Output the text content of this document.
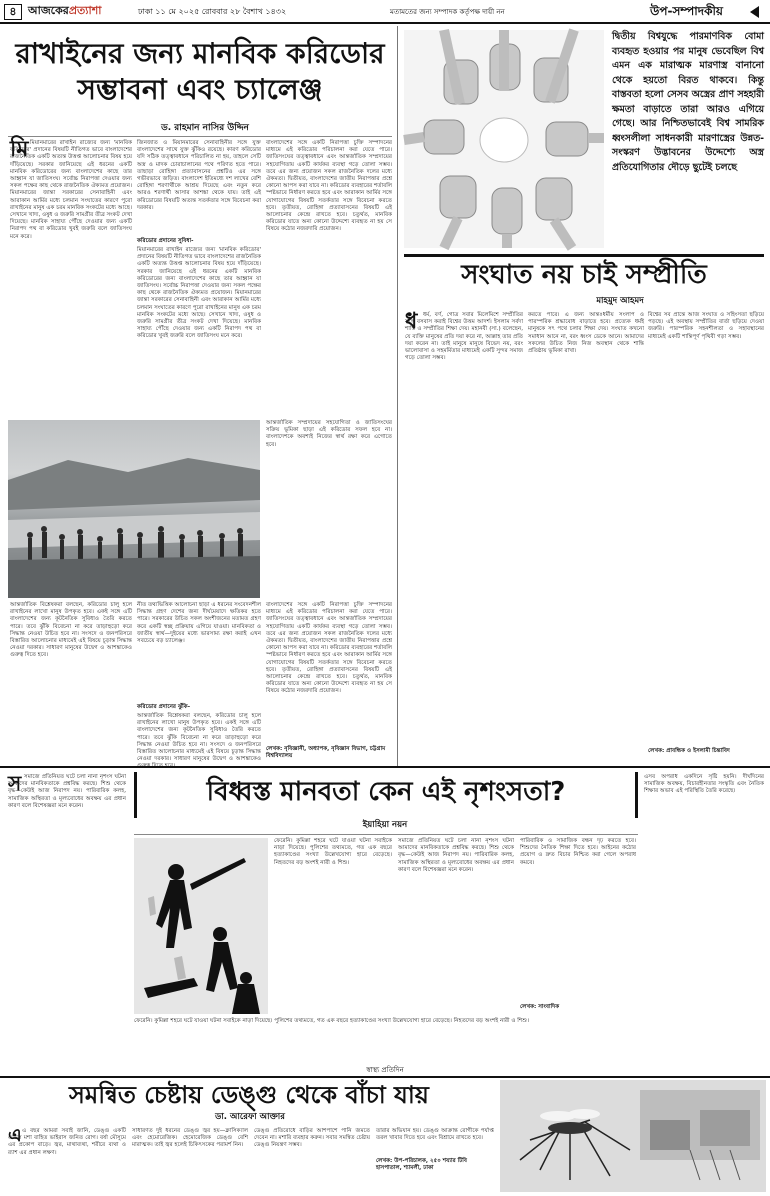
৪	আজকেরপ্রত্যাশা	ঢাকা ১১ মে ২০২৫ রোববার ২৮ বৈশাখ ১৪৩২	মতামতের জন্য সম্পাদক কর্তৃপক্ষ দায়ী নন	উপ-সম্পাদকীয়
রাখাইনের জন্য মানবিক করিডোর
সম্ভাবনা এবং চ্যালেঞ্জ
ড. রাহমান নাসির উদ্দিন
মি মিয়ানমারের রাখাইন রাজ্যের জন্য 'মানবিক করিডোর' প্রদানের বিষয়টি নীতিগত ভাবে বাংলাদেশের রাজনৈতিক একটি অত্যন্ত উত্তপ্ত আলোচনার বিষয় হয়ে দাঁড়িয়েছে। সরকার জানিয়েছে এই ধরনের একটি মানবিক করিডোরের জন্য বাংলাদেশের কাছে তার আহ্বান যা জাতিসংঘ। সর্বোচ্চ নিরাপত্তা দেওয়ার জন্য সকল পক্ষের কাছ থেকে রাজনৈতিক ঐক্যমত প্রয়োজন। মিয়ানমারের জান্তা সরকারের সেনাবাহিনী এবং আরাকান আর্মির মধ্যে চলমান সংঘাতের কারণে পুরো রাখাইনের মানুষ এক চরম মানবিক সংকটের মধ্যে আছে। সেখানে খাদ্য, ওষুধ ও জরুরি সামগ্রীর তীব্র সংকট দেখা দিয়েছে। মানবিক সাহায্য পৌঁছে দেওয়ার জন্য একটি নিরাপদ পথ বা করিডোর খুবই জরুরি বলে জাতিসংঘ মনে করে।
জিনজাত ও মিয়ানমারের সেনাবাহিনীর সঙ্গে যুক্ত বাংলাদেশের সাথে যুক্ত ঝুঁকিও রয়েছে। কারণ করিডোর যদি সঠিক তত্ত্বাবধানে পরিচালিত না হয়, তাহলে সেটি অস্ত্র ও মাদক চোরাচালানের পথে পরিণত হতে পারে। তাছাড়া রোহিঙ্গা প্রত্যাবাসনের প্রশ্নটিও এর সঙ্গে গভীরভাবে জড়িত। বাংলাদেশ ইতিমধ্যে দশ লাখের বেশি রোহিঙ্গা শরণার্থীকে আশ্রয় দিয়েছে এবং নতুন করে আরও শরণার্থী আসার আশঙ্কা থেকে যায়। তাই এই করিডোরের বিষয়টি অত্যন্ত সতর্কতার সঙ্গে বিবেচনা করা দরকার।
করিডোর প্রদানের সুবিধা-
মিয়ানমারের রাখাইন রাজ্যের জন্য 'মানবিক করিডোর' প্রদানের বিষয়টি নীতিগত ভাবে বাংলাদেশের রাজনৈতিক একটি অত্যন্ত উত্তপ্ত আলোচনার বিষয় হয়ে দাঁড়িয়েছে। সরকার জানিয়েছে এই ধরনের একটি মানবিক করিডোরের জন্য বাংলাদেশের কাছে তার আহ্বান যা জাতিসংঘ। সর্বোচ্চ নিরাপত্তা দেওয়ার জন্য সকল পক্ষের কাছ থেকে রাজনৈতিক ঐক্যমত প্রয়োজন। মিয়ানমারের জান্তা সরকারের সেনাবাহিনী এবং আরাকান আর্মির মধ্যে চলমান সংঘাতের কারণে পুরো রাখাইনের মানুষ এক চরম মানবিক সংকটের মধ্যে আছে। সেখানে খাদ্য, ওষুধ ও জরুরি সামগ্রীর তীব্র সংকট দেখা দিয়েছে। মানবিক সাহায্য পৌঁছে দেওয়ার জন্য একটি নিরাপদ পথ বা করিডোর খুবই জরুরি বলে জাতিসংঘ মনে করে।
বাংলাদেশের সঙ্গে একটি নিরাপত্তা চুক্তি সম্পাদনের মাধ্যমে এই করিডোর পরিচালনা করা যেতে পারে। জাতিসংঘের তত্ত্বাবধানে এবং আন্তর্জাতিক সম্প্রদায়ের সহযোগিতায় একটি কার্যকর ব্যবস্থা গড়ে তোলা সম্ভব। তবে এর জন্য প্রয়োজন সকল রাজনৈতিক দলের মধ্যে ঐকমত্য। দ্বিতীয়ত, বাংলাদেশের জাতীয় নিরাপত্তার প্রশ্নে কোনো আপস করা যাবে না। করিডোর ব্যবহারের শর্তাবলি স্পষ্টভাবে নির্ধারণ করতে হবে এবং আরাকান আর্মির সঙ্গে যোগাযোগের বিষয়টি সতর্কতার সঙ্গে বিবেচনা করতে হবে। তৃতীয়ত, রোহিঙ্গা প্রত্যাবাসনের বিষয়টি এই আলোচনার কেন্দ্রে রাখতে হবে। চতুর্থত, মানবিক করিডোর যাতে অন্য কোনো উদ্দেশ্যে ব্যবহৃত না হয় সে বিষয়ে কঠোর নজরদারি প্রয়োজন।
আন্তর্জাতিক সম্প্রদায়ের সহযোগিতা ও জাতিসংঘের সক্রিয় ভূমিকা ছাড়া এই করিডোর সফল হবে না। বাংলাদেশকে অবশ্যই নিজের স্বার্থ রক্ষা করে এগোতে হবে।
আন্তর্জাতিক বিশ্লেষকরা বলছেন, করিডোর চালু হলে রাখাইনের লাখো মানুষ উপকৃত হবে। একই সঙ্গে এটি বাংলাদেশের জন্য কূটনৈতিক সুবিধাও তৈরি করতে পারে। তবে ঝুঁকি বিবেচনা না করে তাড়াহুড়ো করে সিদ্ধান্ত নেওয়া উচিত হবে না। সংসদে ও জনপরিসরে বিস্তারিত আলোচনার মাধ্যমেই এই বিষয়ে চূড়ান্ত সিদ্ধান্ত নেওয়া দরকার। সাধারণ মানুষের উদ্বেগ ও আশঙ্কাকেও গুরুত্ব দিতে হবে।
নীত তথ্যভিত্তিক আলোচনা ছাড়া এ ধরনের সংবেদনশীল সিদ্ধান্ত গ্রহণ দেশের জন্য দীর্ঘমেয়াদে ক্ষতিকর হতে পারে। সরকারের উচিত সকল অংশীজনের মতামত গ্রহণ করে একটি স্বচ্ছ প্রক্রিয়ায় এগিয়ে যাওয়া। মানবিকতা ও জাতীয় স্বার্থ—দুইয়ের মধ্যে ভারসাম্য রক্ষা করাই এখন সবচেয়ে বড় চ্যালেঞ্জ।
করিডোর প্রদানের ঝুঁকি-
আন্তর্জাতিক বিশ্লেষকরা বলছেন, করিডোর চালু হলে রাখাইনের লাখো মানুষ উপকৃত হবে। একই সঙ্গে এটি বাংলাদেশের জন্য কূটনৈতিক সুবিধাও তৈরি করতে পারে। তবে ঝুঁকি বিবেচনা না করে তাড়াহুড়ো করে সিদ্ধান্ত নেওয়া উচিত হবে না। সংসদে ও জনপরিসরে বিস্তারিত আলোচনার মাধ্যমেই এই বিষয়ে চূড়ান্ত সিদ্ধান্ত নেওয়া দরকার। সাধারণ মানুষের উদ্বেগ ও আশঙ্কাকেও
বাংলাদেশের সঙ্গে একটি নিরাপত্তা চুক্তি সম্পাদনের মাধ্যমে এই করিডোর পরিচালনা করা যেতে পারে। জাতিসংঘের তত্ত্বাবধানে এবং আন্তর্জাতিক সম্প্রদায়ের সহযোগিতায় একটি কার্যকর ব্যবস্থা গড়ে তোলা সম্ভব। তবে এর জন্য প্রয়োজন সকল রাজনৈতিক দলের মধ্যে ঐকমত্য। দ্বিতীয়ত, বাংলাদেশের জাতীয় নিরাপত্তার প্রশ্নে কোনো আপস করা যাবে না। করিডোর ব্যবহারের শর্তাবলি স্পষ্টভাবে নির্ধারণ করতে হবে এবং আরাকান আর্মির সঙ্গে যোগাযোগের বিষয়টি সতর্কতার সঙ্গে বিবেচনা করতে হবে। তৃতীয়ত, রোহিঙ্গা প্রত্যাবাসনের বিষয়টি এই আলোচনার কেন্দ্রে রাখতে হবে। চতুর্থত, মানবিক করিডোর যাতে অন্য কোনো উদ্দেশ্যে ব্যবহৃত না হয় সে বিষয়ে কঠোর নজরদারি প্রয়োজন।
লেখক: নৃবিজ্ঞানী, অধ্যাপক, নৃবিজ্ঞান বিভাগ, চট্টগ্রাম বিশ্ববিদ্যালয়
দ্বিতীয় বিশ্বযুদ্ধে পারমাণবিক বোমা ব্যবহৃত হওয়ার পর মানুষ ভেবেছিল বিশ্ব এমন এক মারাত্মক মারণাস্ত্র বানানো থেকে হয়তো বিরত থাকবে। কিন্তু বাস্তবতা হলো সেসব অস্ত্রের প্রাণ সহহারী ক্ষমতা বাড়াতে তারা আরও এগিয়ে গেছে। আর নিশ্চিতভাবেই বিশ্ব সামরিক ধ্বংসলীলা সাধনকারী মারণাস্ত্রের উন্নত-সংস্করণ উদ্ভাবনের উদ্দেশ্যে অস্ত্র প্রতিযোগিতার দৌড়ে ছুটেই চলছে
সংঘাত নয় চাই সম্প্রীতি
মাহমুদ আহমদ
ধ	ধর্ম, বর্ণ, গোত্র সবার মিলেমিশে সম্প্রীতির সঙ্গে বসবাস করাই বিশ্বের উত্তম আদর্শ। ইসলাম সর্বদা শান্তি ও সম্প্রীতির শিক্ষা দেয়। মহানবী (সা.) বলেছেন, যে ব্যক্তি মানুষের প্রতি দয়া করে না, আল্লাহ তার প্রতি দয়া করেন না। তাই মানুষে মানুষে বিভেদ নয়, বরং ভালোবাসা ও সহমর্মিতার মাধ্যমেই একটি সুন্দর সমাজ গড়ে তোলা সম্ভব।
করতে পারে। এ জন্য আন্তঃধর্মীয় সংলাপ ও পারস্পরিক শ্রদ্ধাবোধ বাড়াতে হবে। প্রত্যেক ধর্মই মানুষকে সৎ পথে চলার শিক্ষা দেয়। সংঘাত কখনো সমাধান আনে না, বরং ধ্বংস ডেকে আনে। আমাদের সকলের উচিত নিজ নিজ অবস্থান থেকে শান্তি প্রতিষ্ঠায় ভূমিকা রাখা।
বিশ্বের সব প্রান্তে আজ সংঘাত ও সহিংসতা ছড়িয়ে পড়ছে। এই অবস্থায় সম্প্রীতির বার্তা ছড়িয়ে দেওয়া জরুরি। পারস্পরিক সহনশীলতা ও সহাবস্থানের মাধ্যমেই একটি শান্তিপূর্ণ পৃথিবী গড়া সম্ভব।
লেখক: প্রাবন্ধিক ও ইসলামী চিন্তাবিদ
স সমাজে প্রতিনিয়ত ঘটে চলা নানা নৃশংস ঘটনা আমাদের মানবিকতাকে প্রশ্নবিদ্ধ করছে। শিশু থেকে বৃদ্ধ—কেউই আজ নিরাপদ নয়। পারিবারিক কলহ, সামাজিক অস্থিরতা ও মূল্যবোধের অবক্ষয় এর প্রধান কারণ বলে বিশেষজ্ঞরা মনে করেন।	বিধ্বস্ত মানবতা কেন এই নৃশংসতা?
ইয়াহিয়া নয়ন
ফেরেনি। কুমিল্লা শহরে ঘটে যাওয়া ঘটনা সবাইকে নাড়া দিয়েছে। পুলিশের তথ্যমতে, গত এক বছরে হত্যাকাণ্ডের সংখ্যা উল্লেখযোগ্য হারে বেড়েছে। নিহতদের বড় অংশই নারী ও শিশু।
সমাজে প্রতিনিয়ত ঘটে চলা নানা নৃশংস ঘটনা আমাদের মানবিকতাকে প্রশ্নবিদ্ধ করছে। শিশু থেকে বৃদ্ধ—কেউই আজ নিরাপদ নয়। পারিবারিক কলহ, সামাজিক অস্থিরতা ও মূল্যবোধের অবক্ষয় এর প্রধান কারণ বলে বিশেষজ্ঞরা মনে করেন।
পারিবারিক ও সামাজিক বন্ধন দৃঢ় করতে হবে। শিশুদের নৈতিক শিক্ষা দিতে হবে। আইনের কঠোর প্রয়োগ ও দ্রুত বিচার নিশ্চিত করা গেলে অপরাধ কমবে।
লেখক: সাংবাদিক
এসব অপরাধ একদিনে সৃষ্টি হয়নি। দীর্ঘদিনের সামাজিক অবক্ষয়, বিচারহীনতার সংস্কৃতি এবং নৈতিক শিক্ষার অভাব এই পরিস্থিতি তৈরি করেছে।
ফেরেনি। কুমিল্লা শহরে ঘটে যাওয়া ঘটনা সবাইকে নাড়া দিয়েছে। পুলিশের তথ্যমতে, গত এক বছরে হত্যাকাণ্ডের সংখ্যা উল্লেখযোগ্য হারে বেড়েছে। নিহতদের বড় অংশই নারী ও শিশু।
স্বাস্থ্য প্রতিদিন
সমন্বিত চেষ্টায় ডেঙ্গু থেকে বাঁচা যায়
ডা. আরেফা আক্তার
এ এ বছর আমরা সবাই জানি, ডেঙ্গু একটি এডিস মশা বাহিত ভাইরাস জনিত রোগ। বর্ষা মৌসুমে এর প্রকোপ বাড়ে। জ্বর, মাথাব্যথা, শরীরে ব্যথা ও র‍্যাশ এর প্রধান লক্ষণ।
সাধারণত দুই ধরনের ডেঙ্গু জ্বর হয়—ক্লাসিক্যাল এবং হেমোরেজিক। হেমোরেজিক ডেঙ্গু বেশি মারাত্মক। তাই জ্বর হলেই চিকিৎসকের পরামর্শ নিন।
ডেঙ্গু প্রতিরোধে বাড়ির আশপাশে পানি জমতে দেবেন না। মশারি ব্যবহার করুন। সবার সমন্বিত চেষ্টায় ডেঙ্গু নিয়ন্ত্রণ সম্ভব।
তারার অভিযান হয়। ডেঙ্গু আক্রান্ত রোগীকে পর্যাপ্ত তরল খাবার দিতে হবে এবং বিশ্রামে রাখতে হবে।
লেখক: উপ-পরিচালক, ২৫০ শয্যার টিবি হাসপাতাল, শ্যামলী, ঢাকা
